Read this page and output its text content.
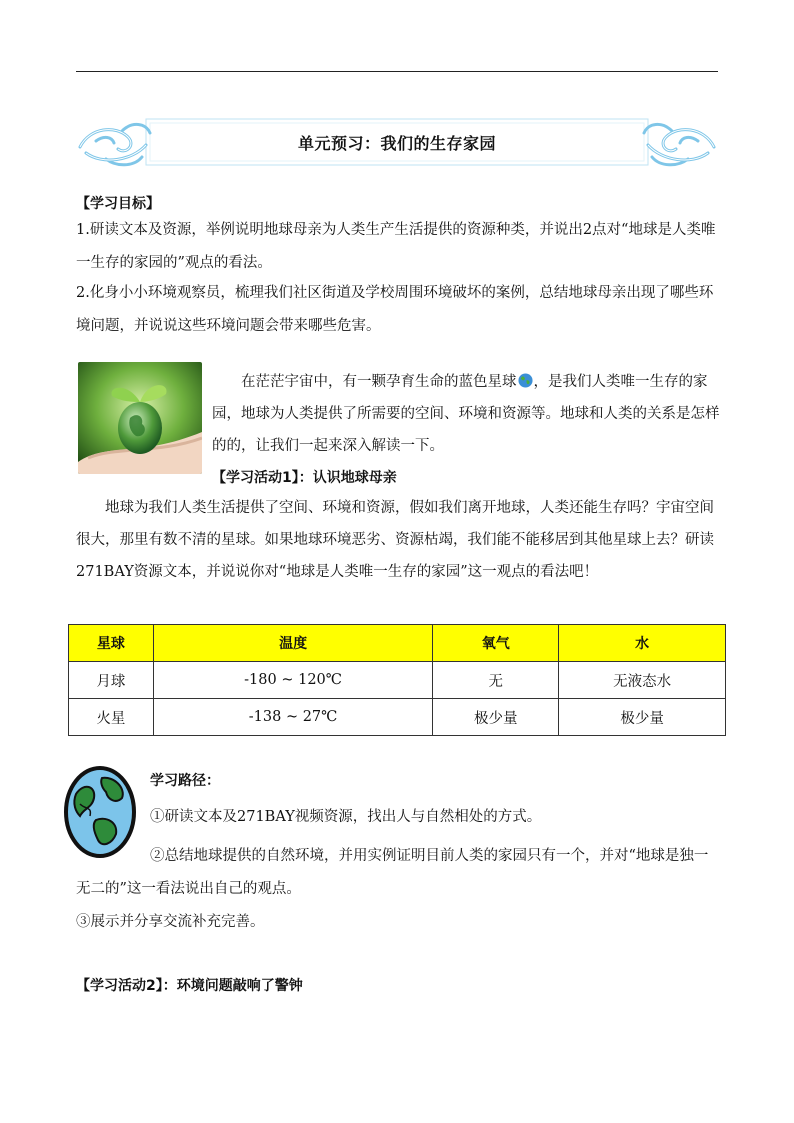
单元预习：我们的生存家园
【学习目标】
1.研读文本及资源，举例说明地球母亲为人类生产生活提供的资源种类，并说出2点对“地球是人类唯一生存的家园的”观点的看法。
2.化身小小环境观察员，梳理我们社区街道及学校周围环境破坏的案例，总结地球母亲出现了哪些环境问题，并说说这些环境问题会带来哪些危害。
在茫茫宇宙中，有一颗孕育生命的蓝色星球 ，是我们人类唯一生存的家园，地球为人类提供了所需要的空间、环境和资源等。地球和人类的关系是怎样的的，让我们一起来深入解读一下。
【学习活动1】：认识地球母亲
地球为我们人类生活提供了空间、环境和资源，假如我们离开地球，人类还能生存吗？宇宙空间很大，那里有数不清的星球。如果地球环境恶劣、资源枯竭，我们能不能移居到其他星球上去？研读271BAY资源文本，并说说你对“地球是人类唯一生存的家园”这一观点的看法吧！
星球	温度	氧气	水
月球	-180 ~ 120℃	无	无液态水
火星	-138 ~ 27℃	极少量	极少量
学习路径：
①研读文本及271BAY视频资源，找出人与自然相处的方式。
②总结地球提供的自然环境，并用实例证明目前人类的家园只有一个，并对“地球是独一无二的”这一看法说出自己的观点。
③展示并分享交流补充完善。
【学习活动2】：环境问题敲响了警钟
